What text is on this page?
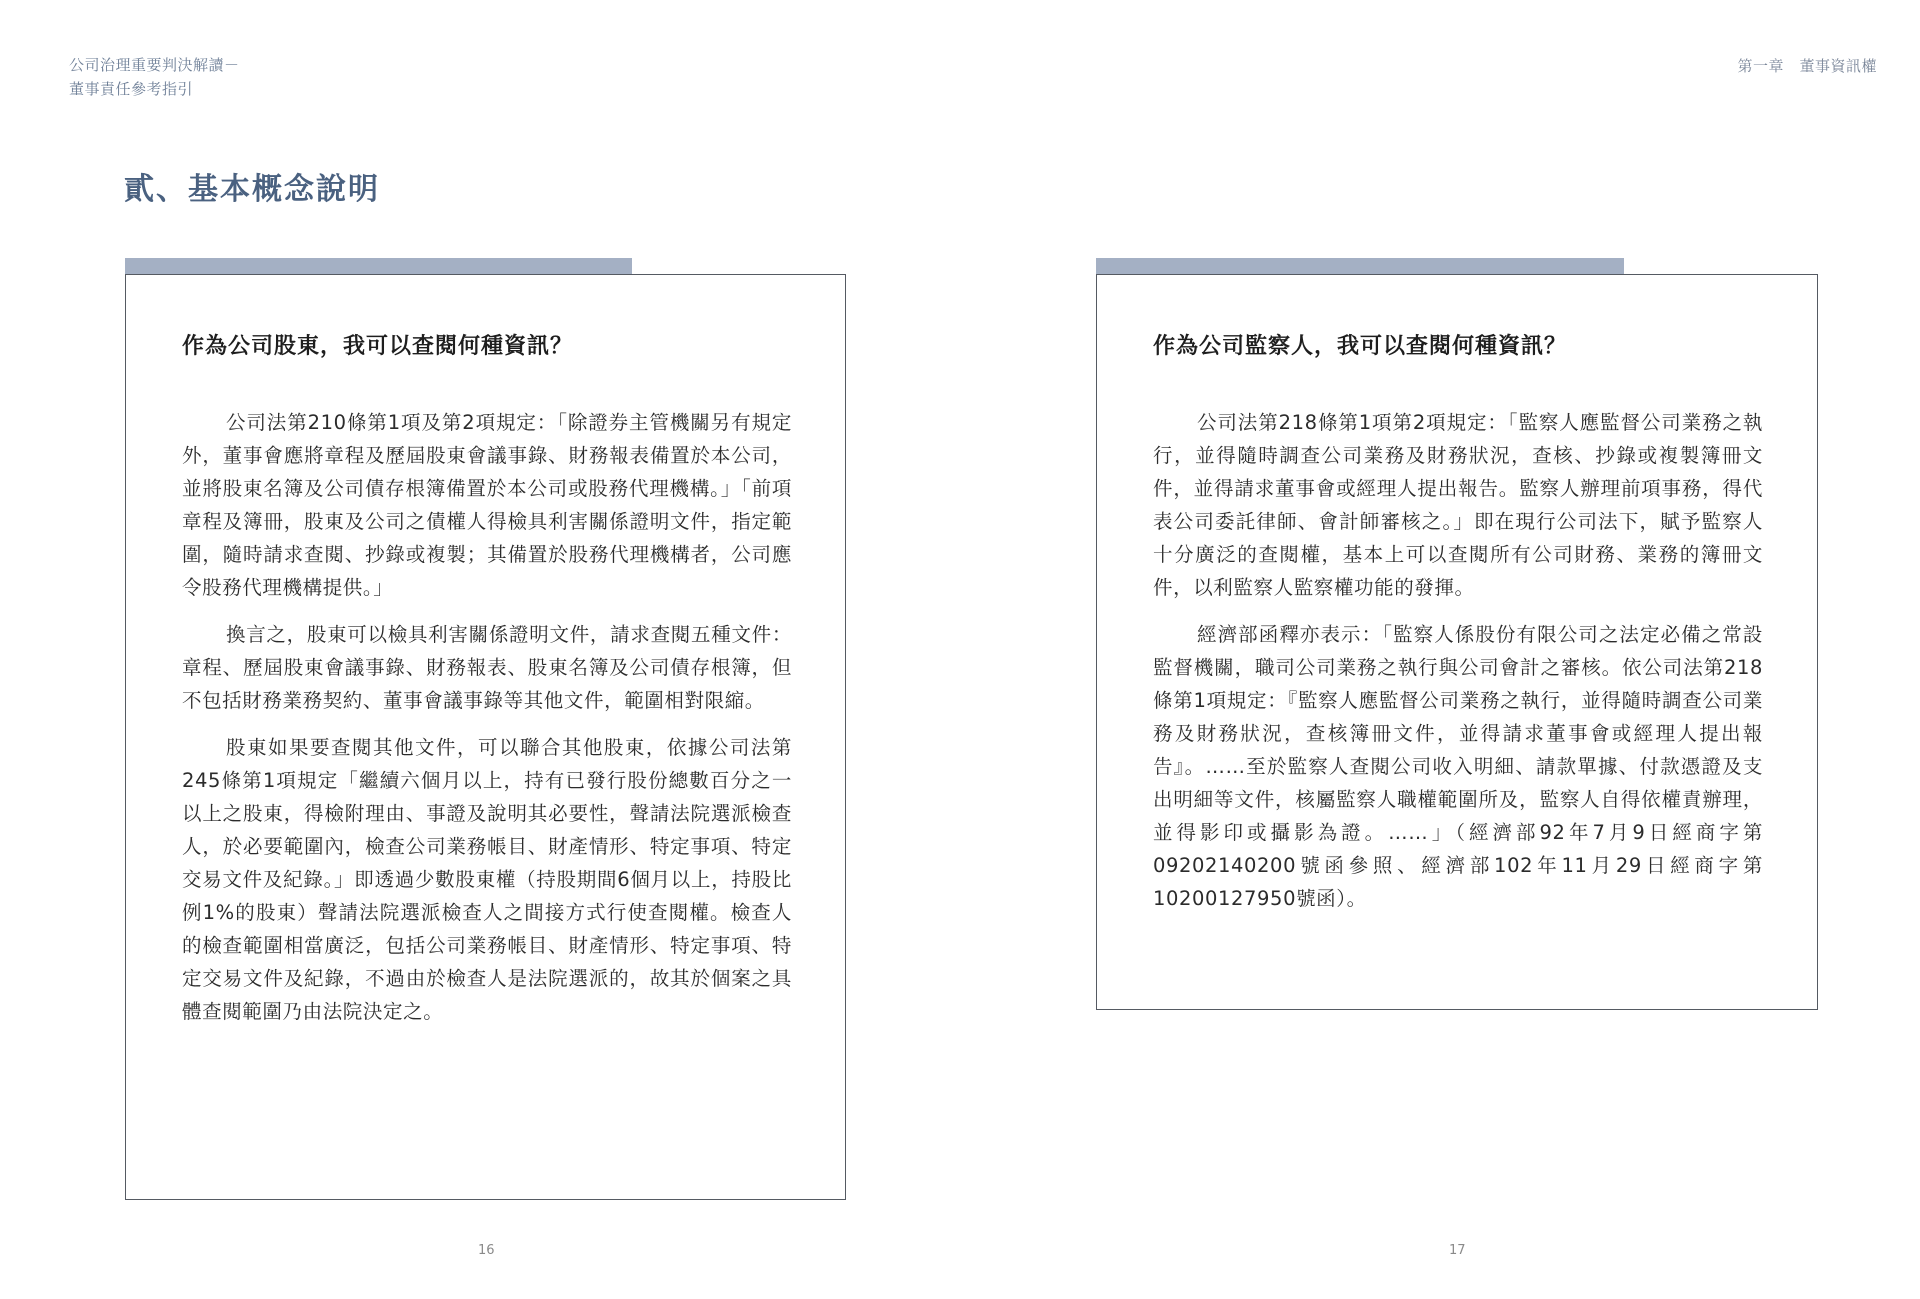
公司治理重要判決解讀－
董事責任參考指引
第一章　董事資訊權
貳、基本概念說明
作為公司股東，我可以查閱何種資訊？

公司法第210條第1項及第2項規定：「除證券主管機關另有規定外，董事會應將章程及歷屆股東會議事錄、財務報表備置於本公司，並將股東名簿及公司債存根簿備置於本公司或股務代理機構。」「前項章程及簿冊，股東及公司之債權人得檢具利害關係證明文件，指定範圍，隨時請求查閱、抄錄或複製；其備置於股務代理機構者，公司應令股務代理機構提供。」

換言之，股東可以檢具利害關係證明文件，請求查閱五種文件：章程、歷屆股東會議事錄、財務報表、股東名簿及公司債存根簿，但不包括財務業務契約、董事會議事錄等其他文件，範圍相對限縮。

股東如果要查閱其他文件，可以聯合其他股東，依據公司法第245條第1項規定「繼續六個月以上，持有已發行股份總數百分之一以上之股東，得檢附理由、事證及說明其必要性，聲請法院選派檢查人，於必要範圍內，檢查公司業務帳目、財產情形、特定事項、特定交易文件及紀錄。」即透過少數股東權（持股期間6個月以上，持股比例1%的股東）聲請法院選派檢查人之間接方式行使查閱權。檢查人的檢查範圍相當廣泛，包括公司業務帳目、財產情形、特定事項、特定交易文件及紀錄，不過由於檢查人是法院選派的，故其於個案之具體查閱範圍乃由法院決定之。

作為公司監察人，我可以查閱何種資訊？

公司法第218條第1項第2項規定：「監察人應監督公司業務之執行，並得隨時調查公司業務及財務狀況，查核、抄錄或複製簿冊文件，並得請求董事會或經理人提出報告。監察人辦理前項事務，得代表公司委託律師、會計師審核之。」即在現行公司法下，賦予監察人十分廣泛的查閱權，基本上可以查閱所有公司財務、業務的簿冊文件，以利監察人監察權功能的發揮。

經濟部函釋亦表示：「監察人係股份有限公司之法定必備之常設監督機關，職司公司業務之執行與公司會計之審核。依公司法第218條第1項規定：『監察人應監督公司業務之執行，並得隨時調查公司業務及財務狀況，查核簿冊文件，並得請求董事會或經理人提出報告』。……至於監察人查閱公司收入明細、請款單據、付款憑證及支出明細等文件，核屬監察人職權範圍所及，監察人自得依權責辦理，並得影印或攝影為證。……」（經濟部92年7月9日經商字第09202140200號函參照、經濟部102年11月29日經商字第10200127950號函）。

16	17
